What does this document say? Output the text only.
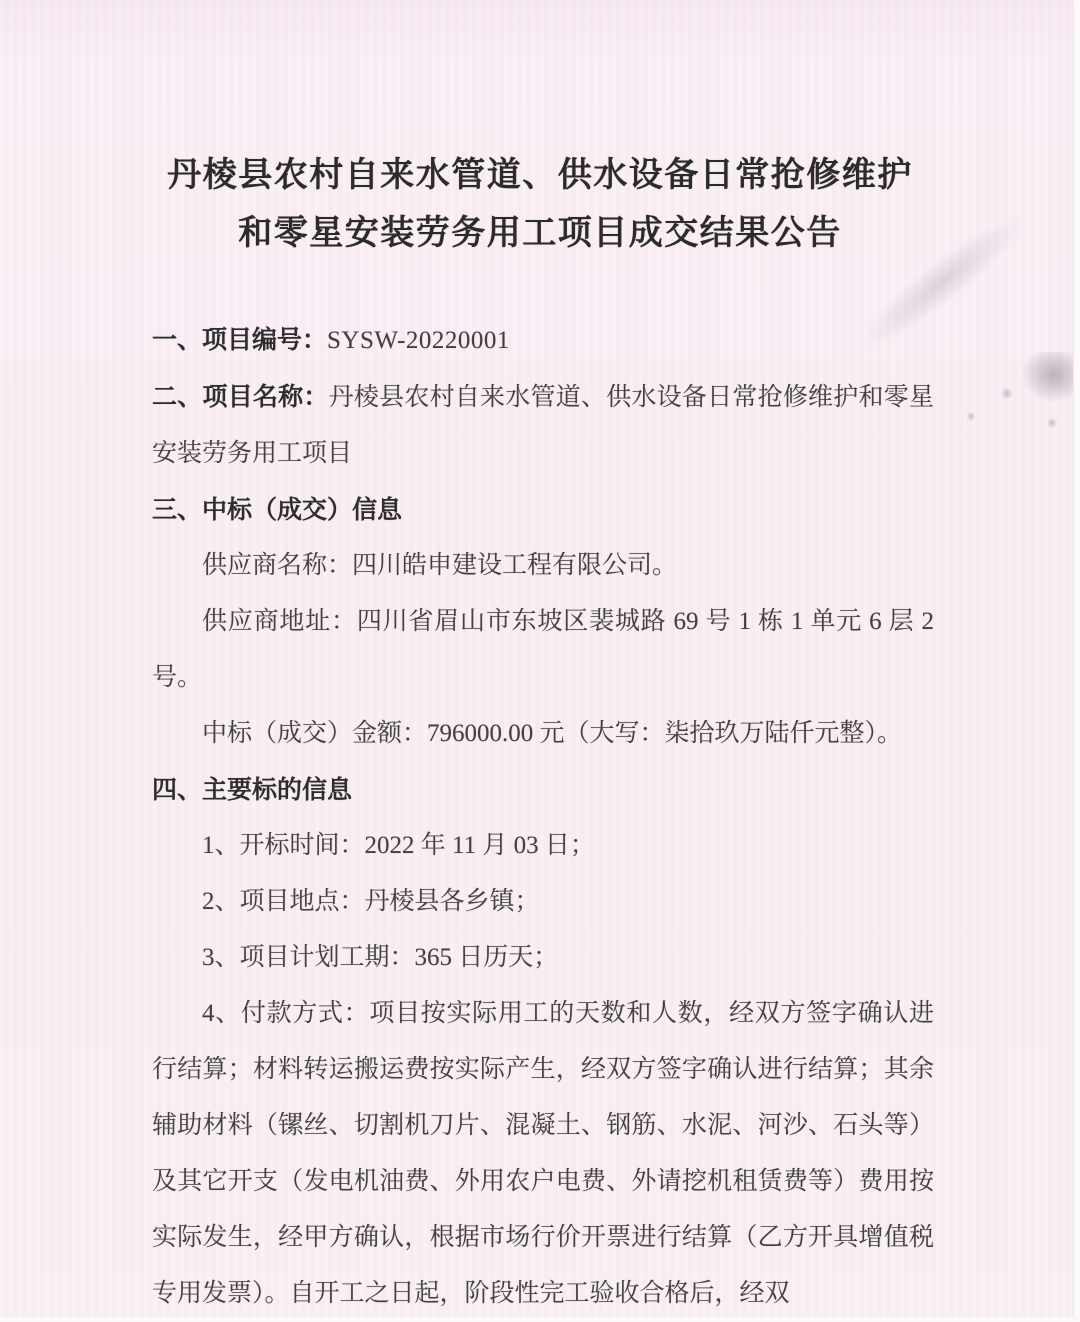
丹棱县农村自来水管道、供水设备日常抢修维护
和零星安装劳务用工项目成交结果公告

一、项目编号：SYSW-20220001

二、项目名称：丹棱县农村自来水管道、供水设备日常抢修维护和零星安装劳务用工项目

三、中标（成交）信息

供应商名称：四川皓申建设工程有限公司。

供应商地址：四川省眉山市东坡区裴城路 69 号 1 栋 1 单元 6 层 2 号。

中标（成交）金额：796000.00 元（大写：柒拾玖万陆仟元整）。

四、主要标的信息

1、开标时间：2022 年 11 月 03 日；

2、项目地点：丹棱县各乡镇；

3、项目计划工期：365 日历天；

4、付款方式：项目按实际用工的天数和人数，经双方签字确认进行结算；材料转运搬运费按实际产生，经双方签字确认进行结算；其余辅助材料（镙丝、切割机刀片、混凝土、钢筋、水泥、河沙、石头等）及其它开支（发电机油费、外用农户电费、外请挖机租赁费等）费用按实际发生，经甲方确认，根据市场行价开票进行结算（乙方开具增值税专用发票）。自开工之日起，阶段性完工验收合格后，经双
